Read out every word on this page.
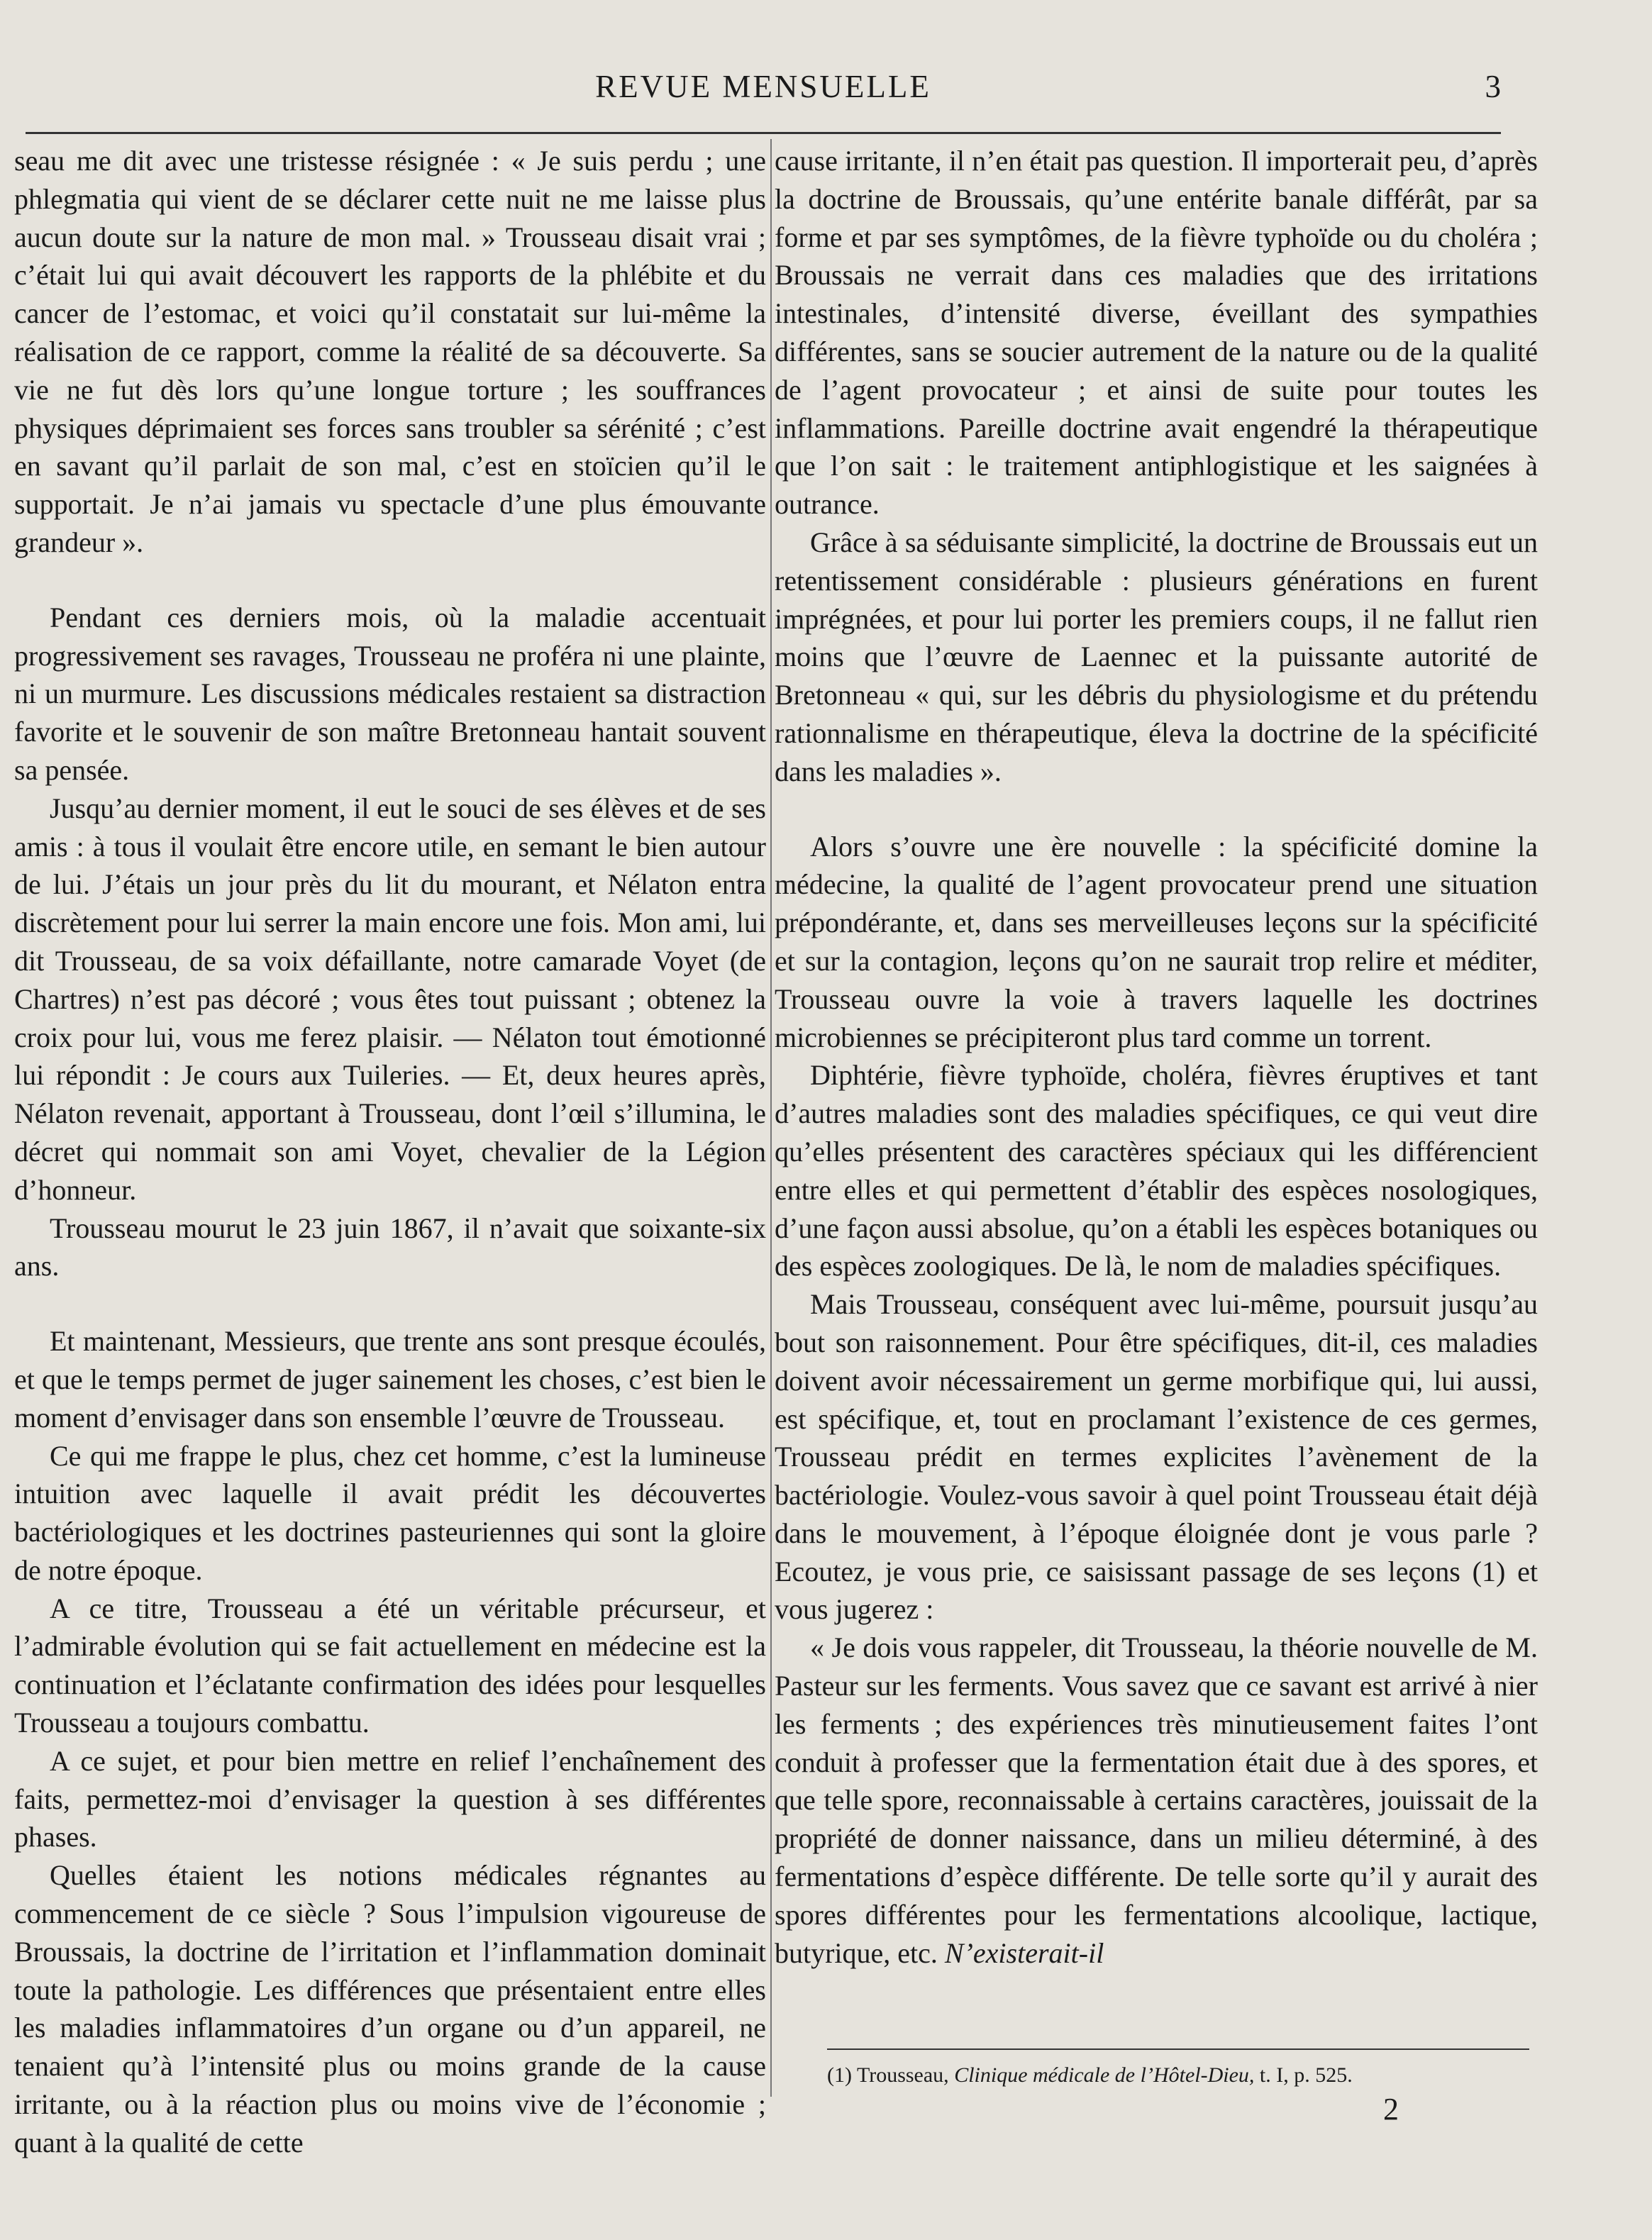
REVUE MENSUELLE	3

seau me dit avec une tristesse résignée : « Je suis perdu ; une phlegmatia qui vient de se déclarer cette nuit ne me laisse plus aucun doute sur la nature de mon mal. » Trousseau disait vrai ; c’était lui qui avait découvert les rapports de la phlébite et du cancer de l’estomac, et voici qu’il constatait sur lui-même la réalisation de ce rapport, comme la réalité de sa découverte. Sa vie ne fut dès lors qu’une longue torture ; les souffrances physiques déprimaient ses forces sans troubler sa sérénité ; c’est en savant qu’il parlait de son mal, c’est en stoïcien qu’il le supportait. Je n’ai jamais vu spectacle d’une plus émouvante grandeur ».

Pendant ces derniers mois, où la maladie accentuait progressivement ses ravages, Trousseau ne proféra ni une plainte, ni un murmure. Les discussions médicales restaient sa distraction favorite et le souvenir de son maître Bretonneau hantait souvent sa pensée.

Jusqu’au dernier moment, il eut le souci de ses élèves et de ses amis : à tous il voulait être encore utile, en semant le bien autour de lui. J’étais un jour près du lit du mourant, et Nélaton entra discrètement pour lui serrer la main encore une fois. Mon ami, lui dit Trousseau, de sa voix défaillante, notre camarade Voyet (de Chartres) n’est pas décoré ; vous êtes tout puissant ; obtenez la croix pour lui, vous me ferez plaisir. — Nélaton tout émotionné lui répondit : Je cours aux Tuileries. — Et, deux heures après, Nélaton revenait, apportant à Trousseau, dont l’œil s’illumina, le décret qui nommait son ami Voyet, chevalier de la Légion d’honneur.

Trousseau mourut le 23 juin 1867, il n’avait que soixante-six ans.

Et maintenant, Messieurs, que trente ans sont presque écoulés, et que le temps permet de juger sainement les choses, c’est bien le moment d’envisager dans son ensemble l’œuvre de Trousseau.

Ce qui me frappe le plus, chez cet homme, c’est la lumineuse intuition avec laquelle il avait prédit les découvertes bactériologiques et les doctrines pasteuriennes qui sont la gloire de notre époque.

A ce titre, Trousseau a été un véritable précurseur, et l’admirable évolution qui se fait actuellement en médecine est la continuation et l’éclatante confirmation des idées pour lesquelles Trousseau a toujours combattu.

A ce sujet, et pour bien mettre en relief l’enchaînement des faits, permettez-moi d’envisager la question à ses différentes phases.

Quelles étaient les notions médicales régnantes au commencement de ce siècle ? Sous l’impulsion vigoureuse de Broussais, la doctrine de l’irritation et l’inflammation dominait toute la pathologie. Les différences que présentaient entre elles les maladies inflammatoires d’un organe ou d’un appareil, ne tenaient qu’à l’intensité plus ou moins grande de la cause irritante, ou à la réaction plus ou moins vive de l’économie ; quant à la qualité de cette

cause irritante, il n’en était pas question. Il importerait peu, d’après la doctrine de Broussais, qu’une entérite banale différât, par sa forme et par ses symptômes, de la fièvre typhoïde ou du choléra ; Broussais ne verrait dans ces maladies que des irritations intestinales, d’intensité diverse, éveillant des sympathies différentes, sans se soucier autrement de la nature ou de la qualité de l’agent provocateur ; et ainsi de suite pour toutes les inflammations. Pareille doctrine avait engendré la thérapeutique que l’on sait : le traitement antiphlogistique et les saignées à outrance.

Grâce à sa séduisante simplicité, la doctrine de Broussais eut un retentissement considérable : plusieurs générations en furent imprégnées, et pour lui porter les premiers coups, il ne fallut rien moins que l’œuvre de Laennec et la puissante autorité de Bretonneau « qui, sur les débris du physiologisme et du prétendu rationnalisme en thérapeutique, éleva la doctrine de la spécificité dans les maladies ».

Alors s’ouvre une ère nouvelle : la spécificité domine la médecine, la qualité de l’agent provocateur prend une situation prépondérante, et, dans ses merveilleuses leçons sur la spécificité et sur la contagion, leçons qu’on ne saurait trop relire et méditer, Trousseau ouvre la voie à travers laquelle les doctrines microbiennes se précipiteront plus tard comme un torrent.

Diphtérie, fièvre typhoïde, choléra, fièvres éruptives et tant d’autres maladies sont des maladies spécifiques, ce qui veut dire qu’elles présentent des caractères spéciaux qui les différencient entre elles et qui permettent d’établir des espèces nosologiques, d’une façon aussi absolue, qu’on a établi les espèces botaniques ou des espèces zoologiques. De là, le nom de maladies spécifiques.

Mais Trousseau, conséquent avec lui-même, poursuit jusqu’au bout son raisonnement. Pour être spécifiques, dit-il, ces maladies doivent avoir nécessairement un germe morbifique qui, lui aussi, est spécifique, et, tout en proclamant l’existence de ces germes, Trousseau prédit en termes explicites l’avènement de la bactériologie. Voulez-vous savoir à quel point Trousseau était déjà dans le mouvement, à l’époque éloignée dont je vous parle ? Ecoutez, je vous prie, ce saisissant passage de ses leçons (1) et vous jugerez :

« Je dois vous rappeler, dit Trousseau, la théorie nouvelle de M. Pasteur sur les ferments. Vous savez que ce savant est arrivé à nier les ferments ; des expériences très minutieusement faites l’ont conduit à professer que la fermentation était due à des spores, et que telle spore, reconnaissable à certains caractères, jouissait de la propriété de donner naissance, dans un milieu déterminé, à des fermentations d’espèce différente. De telle sorte qu’il y aurait des spores différentes pour les fermentations alcoolique, lactique, butyrique, etc. N’existerait-il

(1) Trousseau, Clinique médicale de l’Hôtel-Dieu, t. I, p. 525.
2
